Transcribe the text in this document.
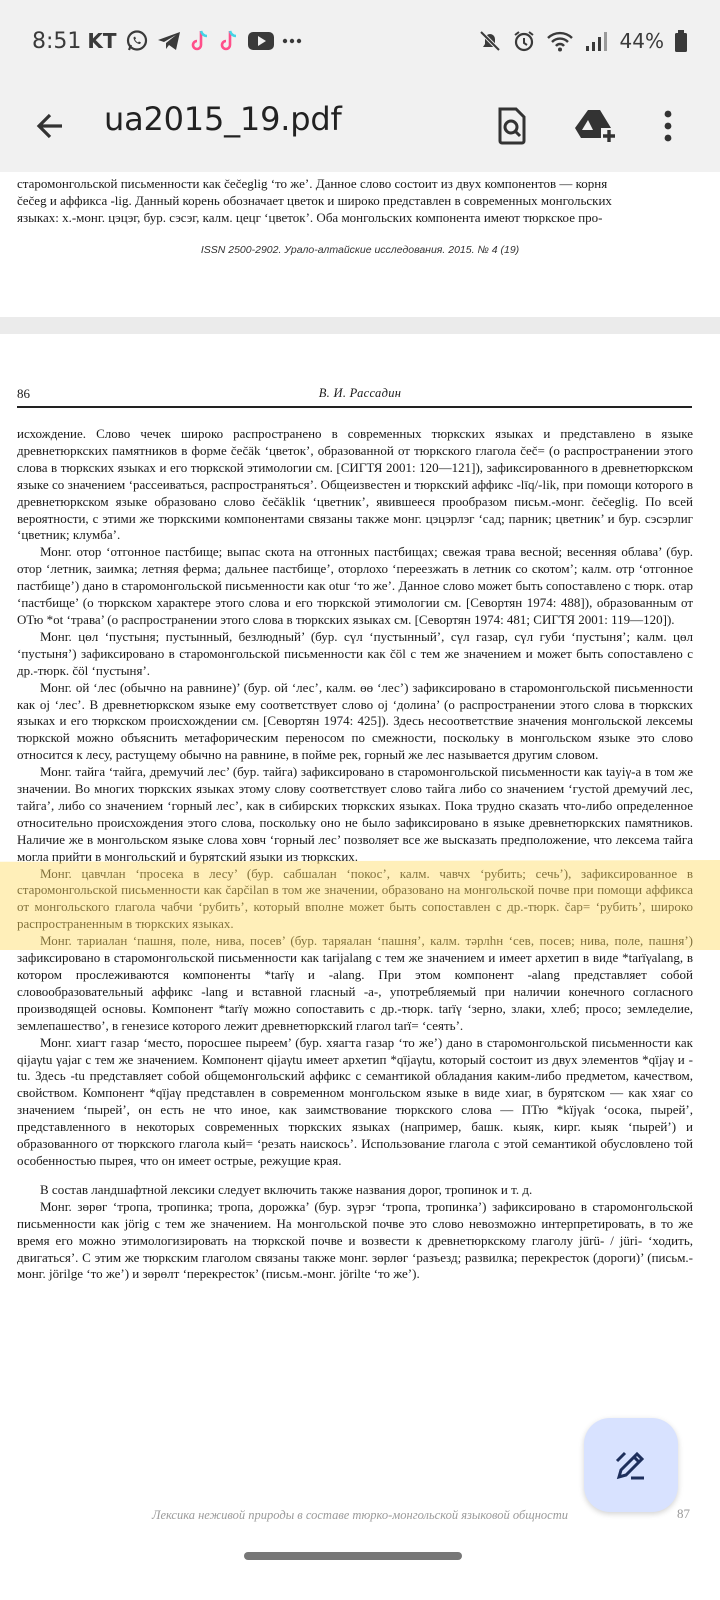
8:51 KT	44%
ua2015_19.pdf

старомонгольской письменности как čečeglig ‘то же’. Данное слово состоит из двух компонентов — корня

čečeg и аффикса -lig. Данный корень обозначает цветок и широко представлен в современных монгольских

языках: х.-монг. цэцэг, бур. сэсэг, калм. цецг ‘цветок’. Оба монгольских компонента имеют тюркское про-

ISSN 2500-2902. Урало-алтайские исследования. 2015. № 4 (19)
86	В. И. Рассадин

исхождение. Слово чечек широко распространено в современных тюркских языках и представлено в языке древнетюркских памятников в форме čečäk ‘цветок’, образованной от тюркского глагола čeč= (о распространении этого слова в тюркских языках и его тюркской этимологии см. [СИГТЯ 2001: 120—121]), зафиксированного в древнетюркском языке со значением ‘рассеиваться, распространяться’. Общеизвестен и тюркский аффикс -līq/-lik, при помощи которого в древнетюркском языке образовано слово čečäklik ‘цветник’, явившееся прообразом письм.-монг. čečeglig. По всей вероятности, с этими же тюркскими компонентами связаны также монг. цэцэрлэг ‘сад; парник; цветник’ и бур. сэсэрлиг ‘цветник; клумба’.

Монг. отор ‘отгонное пастбище; выпас скота на отгонных пастбищах; свежая трава весной; весенняя облава’ (бур. отор ‘летник, заимка; летняя ферма; дальнее пастбище’, оторлохо ‘переезжать в летник со скотом’; калм. отр ‘отгонное пастбище’) дано в старомонгольской письменности как otur ‘то же’. Данное слово может быть сопоставлено с тюрк. отар ‘пастбище’ (о тюркском характере этого слова и его тюркской этимологии см. [Севортян 1974: 488]), образованным от ОТю *ot ‘трава’ (о распространении этого слова в тюркских языках см. [Севортян 1974: 481; СИГТЯ 2001: 119—120]).

Монг. цөл ‘пустыня; пустынный, безлюдный’ (бур. сүл ‘пустынный’, сүл газар, сүл губи ‘пустыня’; калм. цөл ‘пустыня’) зафиксировано в старомонгольской письменности как čöl с тем же значением и может быть сопоставлено с др.-тюрк. čöl ‘пустыня’.

Монг. ой ‘лес (обычно на равнине)’ (бур. ой ‘лес’, калм. өө ‘лес’) зафиксировано в старомонгольской письменности как oj ‘лес’. В древнетюркском языке ему соответствует слово oj ‘долина’ (о распространении этого слова в тюркских языках и его тюркском происхождении см. [Севортян 1974: 425]). Здесь несоответствие значения монгольской лексемы тюркской можно объяснить метафорическим переносом по смежности, поскольку в монгольском языке это слово относится к лесу, растущему обычно на равнине, в пойме рек, горный же лес называется другим словом.

Монг. тайга ‘тайга, дремучий лес’ (бур. тайга) зафиксировано в старомонгольской письменности как tayiγ-a в том же значении. Во многих тюркских языках этому слову соответствует слово тайга либо со значением ‘густой дремучий лес, тайга’, либо со значением ‘горный лес’, как в сибирских тюркских языках. Пока трудно сказать что-либо определенное относительно происхождения этого слова, поскольку оно не было зафиксировано в языке древнетюркских памятников. Наличие же в монгольском языке слова ховч ‘горный лес’ позволяет все же высказать предположение, что лексема тайга могла прийти в монгольский и бурятский языки из тюркских.

Монг. цавчлан ‘просека в лесу’ (бур. сабшалан ‘покос’, калм. чавчх ‘рубить; сечь’), зафиксированное в старомонгольской письменности как čapčilan в том же значении, образовано на монгольской почве при помощи аффикса от монгольского глагола чабчи ‘рубить’, который вполне может быть сопоставлен с др.-тюрк. čap= ‘рубить’, широко распространенным в тюркских языках.

Монг. тариалан ‘пашня, поле, нива, посев’ (бур. таряалан ‘пашня’, калм. тәрлһн ‘сев, посев; нива, поле, пашня’) зафиксировано в старомонгольской письменности как tarijalang с тем же значением и имеет архетип в виде *tarïγalang, в котором прослеживаются компоненты *tarïγ и -alang. При этом компонент -alang представляет собой словообразовательный аффикс -lang и вставной гласный -a-, употребляемый при наличии конечного согласного производящей основы. Компонент *tarïγ можно сопоставить с др.-тюрк. tarïγ ‘зерно, злаки, хлеб; просо; земледелие, землепашество’, в генезисе которого лежит древнетюркский глагол tarï= ‘сеять’.

Монг. хиагт газар ‘место, поросшее пыреем’ (бур. хяагта газар ‘то же’) дано в старомонгольской письменности как qijaγtu γajar с тем же значением. Компонент qijaγtu имеет архетип *qïjaγtu, который состоит из двух элементов *qïjaγ и -tu. Здесь -tu представляет собой общемонгольский аффикс с семантикой обладания каким-либо предметом, качеством, свойством. Компонент *qïjaγ представлен в современном монгольском языке в виде хиаг, в бурятском — как хяаг со значением ‘пырей’, он есть не что иное, как заимствование тюркского слова — ПТю *kïjγak ‘осока, пырей’, представленного в некоторых современных тюркских языках (например, башк. кыяк, кирг. кыяк ‘пырей’) и образованного от тюркского глагола кый= ‘резать наискось’. Использование глагола с этой семантикой обусловлено той особенностью пырея, что он имеет острые, режущие края.

В состав ландшафтной лексики следует включить также названия дорог, тропинок и т. д.

Монг. зөрөг ‘тропа, тропинка; тропа, дорожка’ (бур. зүрэг ‘тропа, тропинка’) зафиксировано в старомонгольской письменности как jörig с тем же значением. На монгольской почве это слово невозможно интерпретировать, в то же время его можно этимологизировать на тюркской почве и возвести к древнетюркскому глаголу jürü- / jüri- ‘ходить, двигаться’. С этим же тюркским глаголом связаны также монг. зөрлөг ‘разъезд; развилка; перекресток (дороги)’ (письм.-монг. jörilge ‘то же’) и зөрөлт ‘перекресток’ (письм.-монг. jörilte ‘то же’).

Лексика неживой природы в составе тюрко-монгольской языковой общности	87
